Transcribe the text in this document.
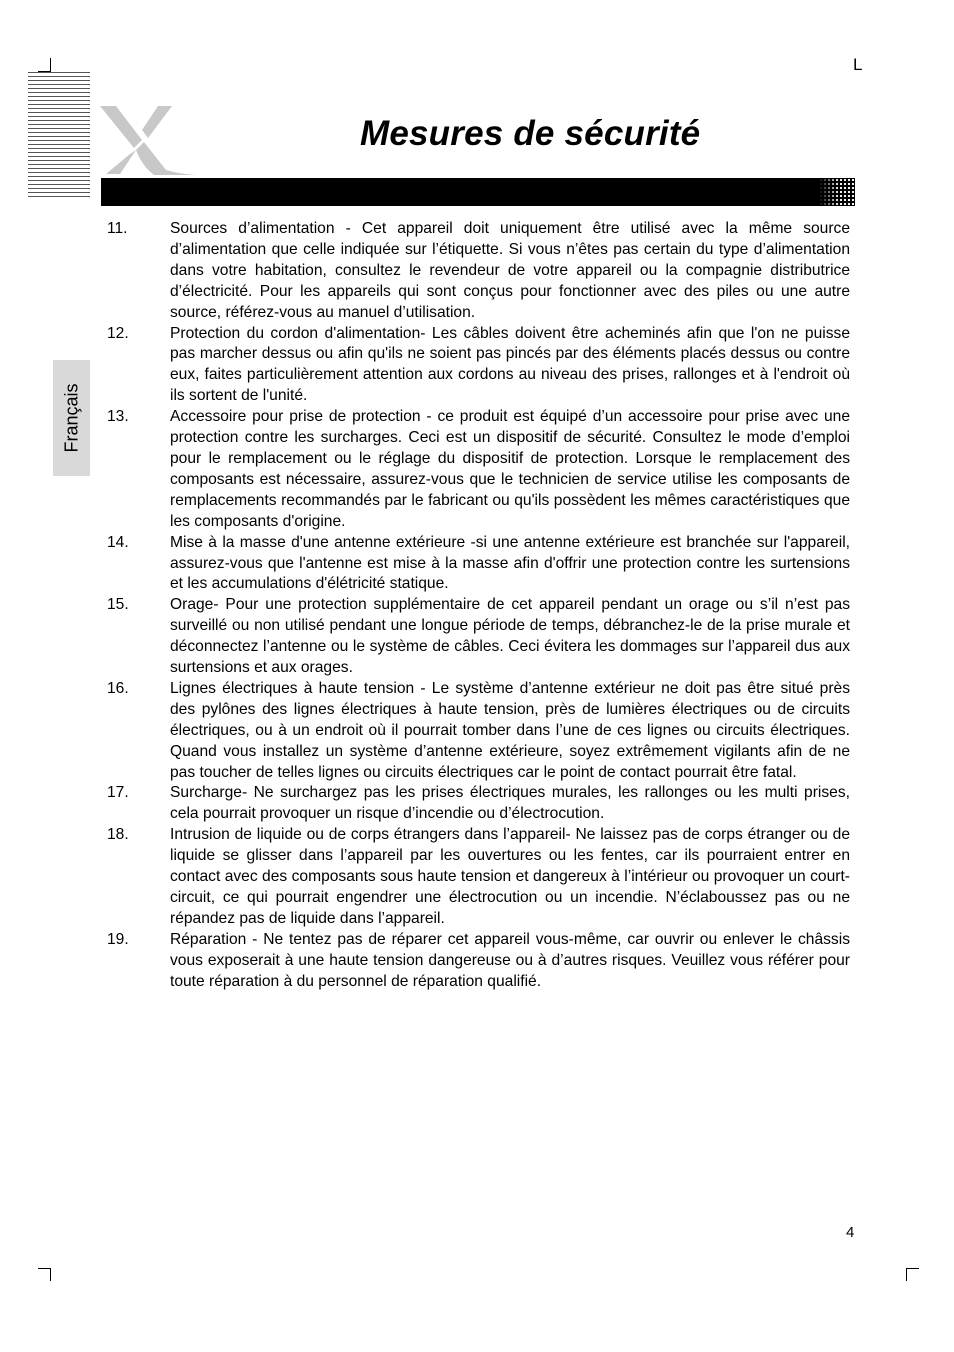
L
Mesures de sécurité
Français
11.	Sources d’alimentation - Cet appareil doit uniquement être utilisé avec la même source d’alimentation que celle indiquée sur l’étiquette. Si vous n’êtes pas certain du type d’alimentation dans votre habitation, consultez le revendeur de votre appareil ou la compagnie distributrice d’électricité. Pour les appareils qui sont conçus pour fonctionner avec des piles ou une autre source, référez-vous au manuel d’utilisation.
12.	Protection du cordon d'alimentation- Les câbles doivent être acheminés afin que l'on ne puisse pas marcher dessus ou afin qu'ils ne soient pas pincés par des éléments placés dessus ou contre eux, faites particulièrement attention aux cordons au niveau des prises, rallonges et à l'endroit où ils sortent de l'unité.
13.	Accessoire pour prise de protection - ce produit est équipé d’un accessoire pour prise avec une protection contre les surcharges. Ceci est un dispositif de sécurité. Consultez le mode d’emploi pour le remplacement ou le réglage du dispositif de protection. Lorsque le remplacement des composants est nécessaire, assurez-vous que le technicien de service utilise les composants de remplacements recommandés par le fabricant ou qu'ils possèdent les mêmes caractéristiques que les composants d'origine.
14.	Mise à la masse d'une antenne extérieure -si une antenne extérieure est branchée sur l'appareil, assurez-vous que l'antenne est mise à la masse afin d'offrir une protection contre les surtensions et les accumulations d'élétricité statique.
15.	Orage- Pour une protection supplémentaire de cet appareil pendant un orage ou s’il n’est pas surveillé ou non utilisé pendant une longue période de temps, débranchez-le de la prise murale et déconnectez l’antenne ou le système de câbles. Ceci évitera les dommages sur l’appareil dus aux surtensions et aux orages.
16.	Lignes électriques à haute tension - Le système d’antenne extérieur ne doit pas être situé près des pylônes des lignes électriques à haute tension, près de lumières électriques ou de circuits électriques, ou à un endroit où il pourrait tomber dans l’une de ces lignes ou circuits électriques. Quand vous installez un système d’antenne extérieure, soyez extrêmement vigilants afin de ne pas toucher de telles lignes ou circuits électriques car le point de contact pourrait être fatal.
17.	Surcharge- Ne surchargez pas les prises électriques murales, les rallonges ou les multi prises, cela pourrait provoquer un risque d’incendie ou d’électrocution.
18.	Intrusion de liquide ou de corps étrangers dans l’appareil- Ne laissez pas de corps étranger ou de liquide se glisser dans l’appareil par les ouvertures ou les fentes, car ils pourraient entrer en contact avec des composants sous haute tension et dangereux à l’intérieur ou provoquer un court-circuit, ce qui pourrait engendrer une électrocution ou un incendie. N’éclaboussez pas ou ne répandez pas de liquide dans l’appareil.
19.	Réparation - Ne tentez pas de réparer cet appareil vous-même, car ouvrir ou enlever le châssis vous exposerait à une haute tension dangereuse ou à d’autres risques. Veuillez vous référer pour toute réparation à du personnel de réparation qualifié.
4
